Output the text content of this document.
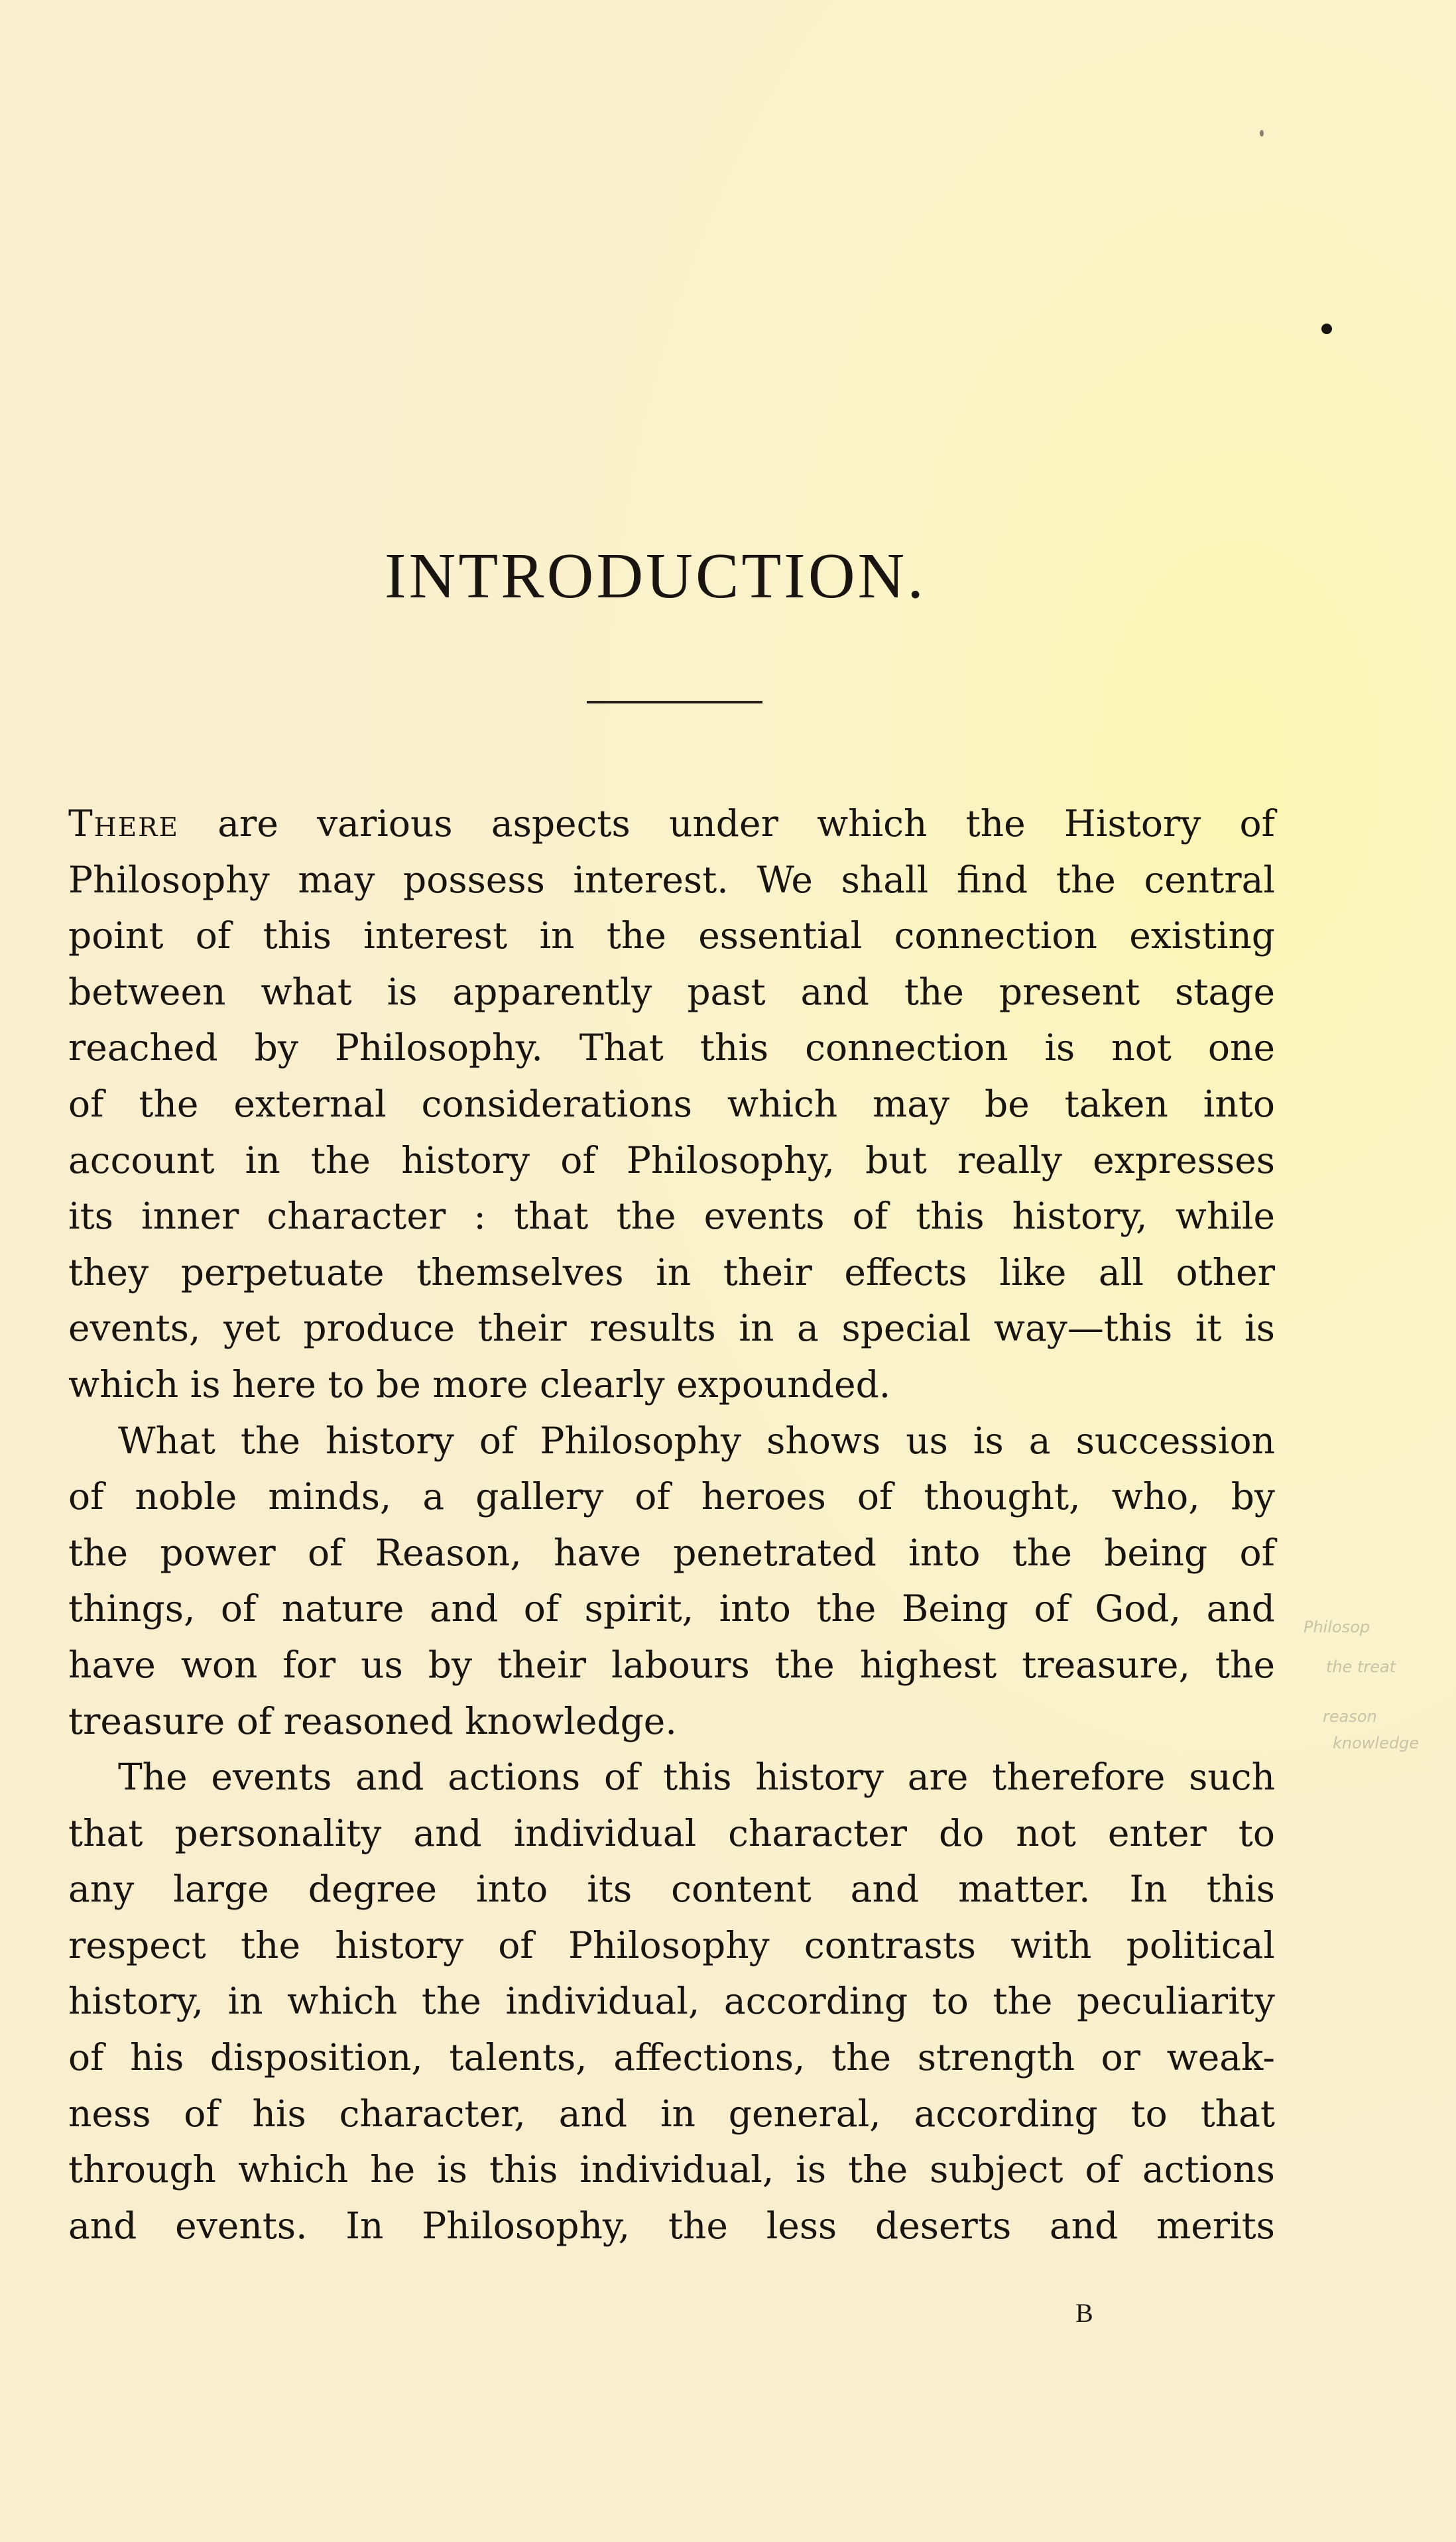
INTRODUCTION.
There are various aspects under which the History of
Philosophy may possess interest. We shall find the central
point of this interest in the essential connection existing
between what is apparently past and the present stage
reached by Philosophy. That this connection is not one
of the external considerations which may be taken into
account in the history of Philosophy, but really expresses
its inner character : that the events of this history, while
they perpetuate themselves in their effects like all other
events, yet produce their results in a special way—this it is
which is here to be more clearly expounded.
What the history of Philosophy shows us is a succession
of noble minds, a gallery of heroes of thought, who, by
the power of Reason, have penetrated into the being of
things, of nature and of spirit, into the Being of God, and
have won for us by their labours the highest treasure, the
treasure of reasoned knowledge.
The events and actions of this history are therefore such
that personality and individual character do not enter to
any large degree into its content and matter. In this
respect the history of Philosophy contrasts with political
history, in which the individual, according to the peculiarity
of his disposition, talents, affections, the strength or weak-
ness of his character, and in general, according to that
through which he is this individual, is the subject of actions
and events. In Philosophy, the less deserts and merits
B
Philosop
the treat
reason
knowledge
